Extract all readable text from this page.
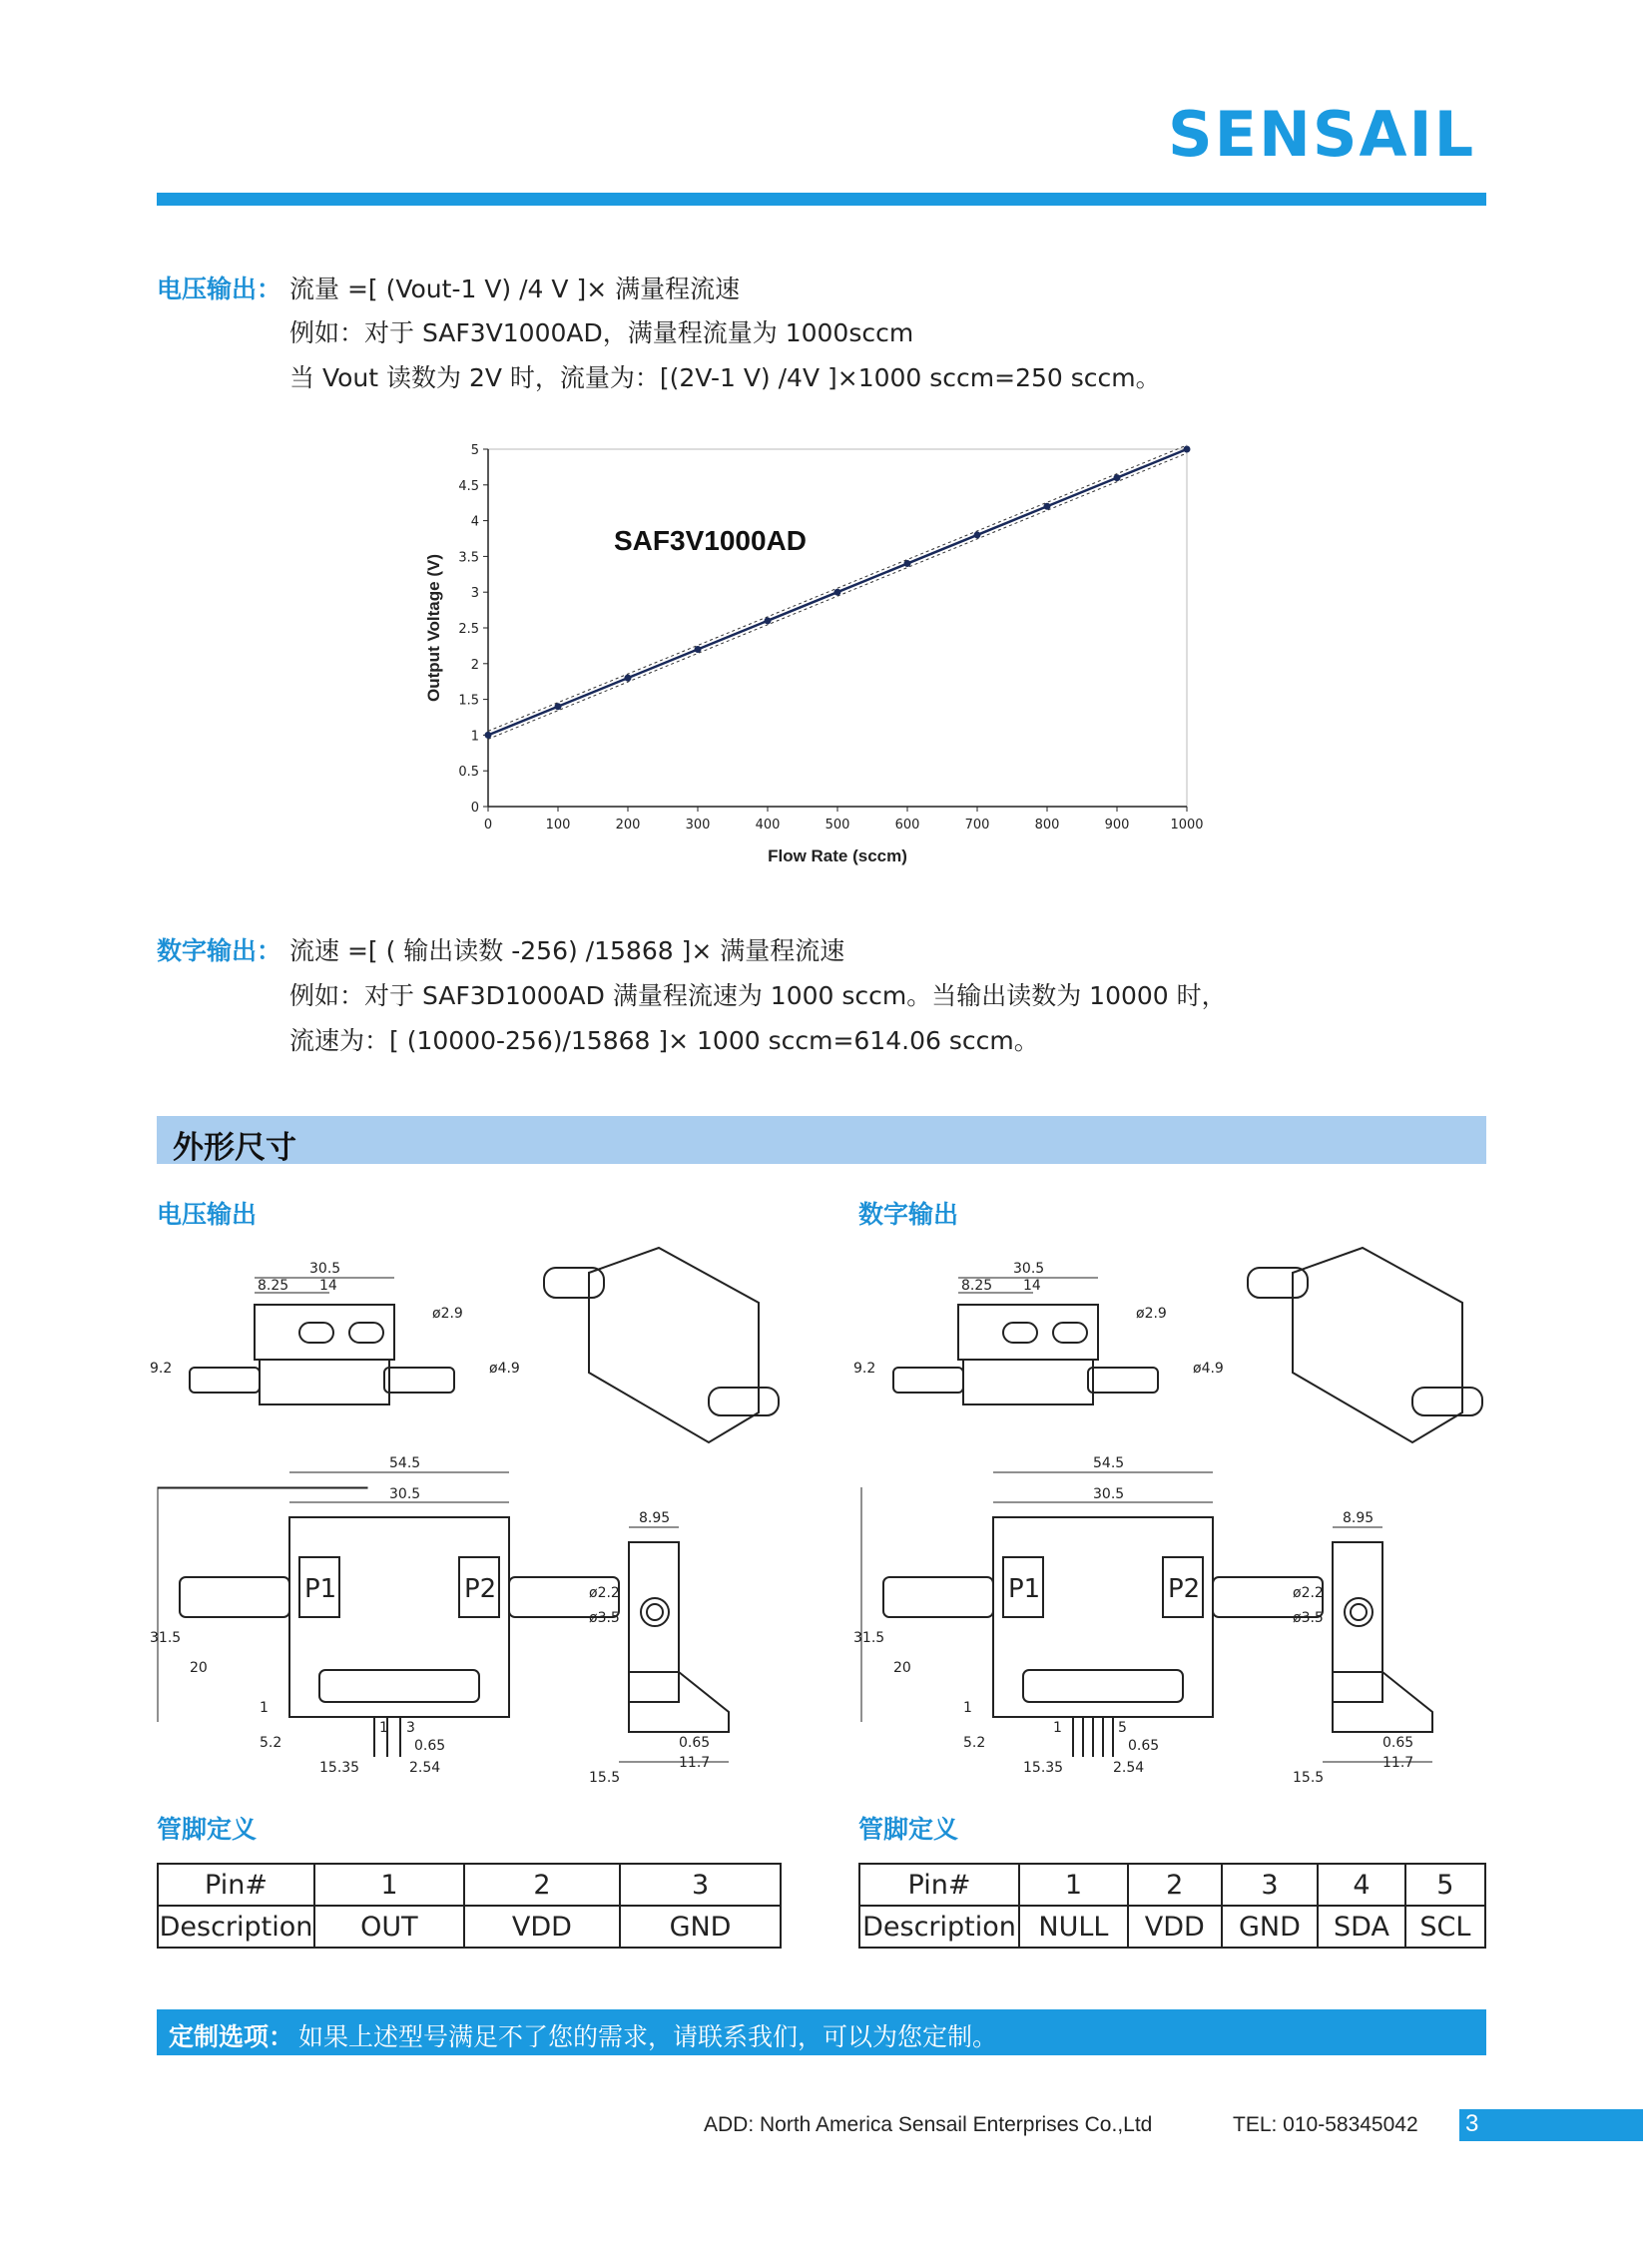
SENSAIL
电压输出： 流量 =[ (Vout-1 V) /4 V ]× 满量程流速
例如：对于 SAF3V1000AD，满量程流量为 1000sccm
当 Vout 读数为 2V 时，流量为：[(2V-1 V) /4V ]×1000 sccm=250 sccm。
0
0.5
1
1.5
2
2.5
3
3.5
4
4.5
5
0	100	200	300	400	500	600	700	800	900	1000
SAF3V1000AD
Flow Rate (sccm)
Output Voltage (V)
数字输出： 流速 =[ ( 输出读数 -256) /15868 ]× 满量程流速
例如：对于 SAF3D1000AD 满量程流速为 1000 sccm。当输出读数为 10000 时，
流速为：[ (10000-256)/15868 ]× 1000 sccm=614.06 sccm。
外形尺寸
电压输出	数字输出
30.5
8.25 14
ø2.9
9.2	ø4.9
54.5
30.5
31.5
20
1
5.2
15.35	2.54
0.65
8.95
ø2.2
ø3.5
0.65
11.7
15.5
1 3
P1	P2
30.5
8.25 14
ø2.9
9.2	ø4.9
54.5
30.5
31.5
20
1
5.2
15.35	2.54
0.65
8.95
ø2.2
ø3.5
0.65
11.7
15.5
1	5
P1	P2
管脚定义	管脚定义
Pin#	1	2	3
Description	OUT	VDD	GND
Pin#	1	2	3	4	5
Description	NULL	VDD	GND	SDA	SCL
定制选项： 如果上述型号满足不了您的需求，请联系我们，可以为您定制。
ADD: North America Sensail Enterprises Co.,Ltd	TEL: 010-58345042 3
